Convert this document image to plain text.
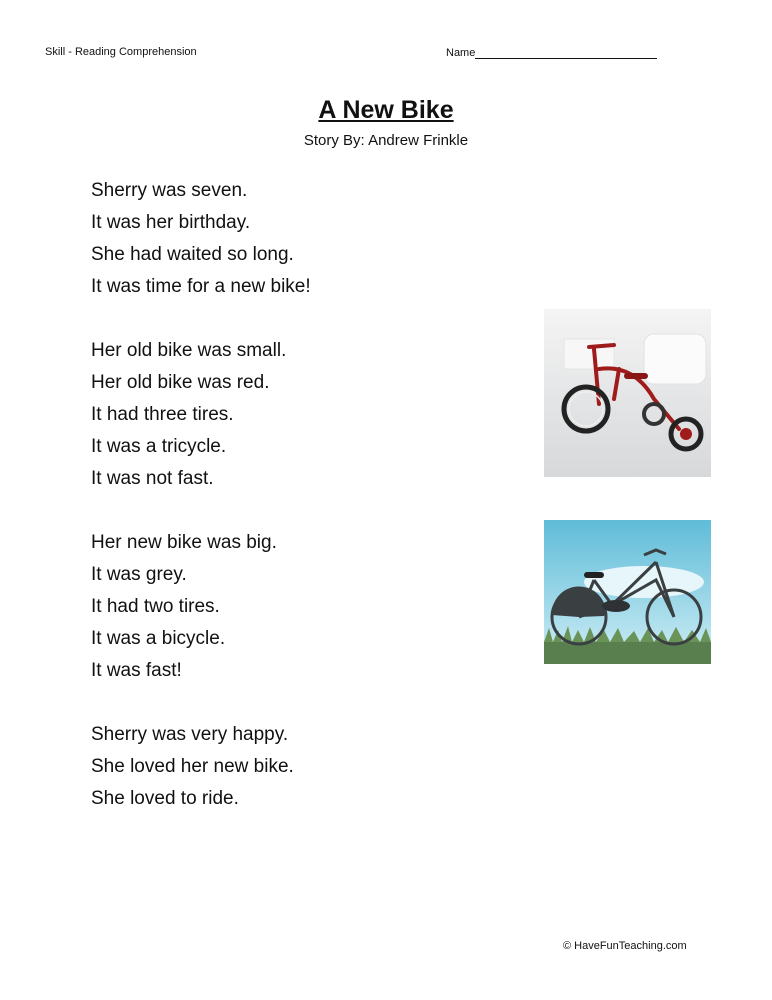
Skill - Reading Comprehension	Name
A New Bike
Story By: Andrew Frinkle
Sherry was seven.
It was her birthday.
She had waited so long.
It was time for a new bike!
Her old bike was small.
Her old bike was red.
It had three tires.
It was a tricycle.
It was not fast.
Her new bike was big.
It was grey.
It had two tires.
It was a bicycle.
It was fast!
Sherry was very happy.
She loved her new bike.
She loved to ride.
© HaveFunTeaching.com
